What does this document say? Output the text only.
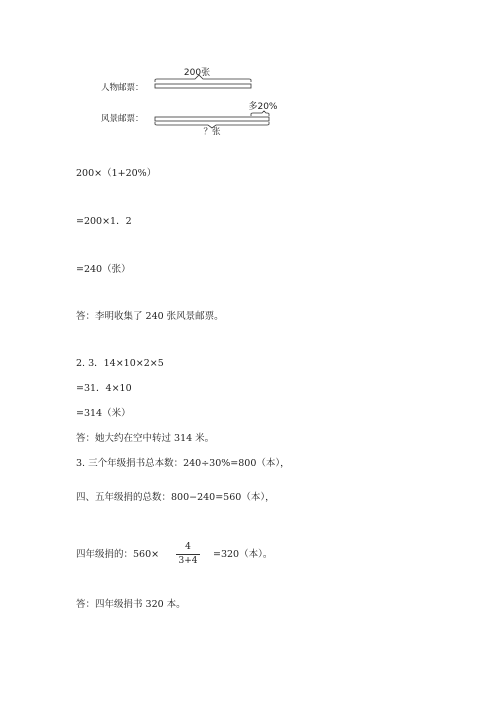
200张
人物邮票：
多20%
风景邮票：
？张
200×（1+20%）
=200×1．2
=240（张）
答：李明收集了 240 张风景邮票。
2. 3．14×10×2×5
=31．4×10
=314（米）
答：她大约在空中转过 314 米。
3. 三个年级捐书总本数：240÷30%=800（本），
四、五年级捐的总数：800−240=560（本），
四年级捐的：560×
4
3+4
=320（本）。
答：四年级捐书 320 本。
